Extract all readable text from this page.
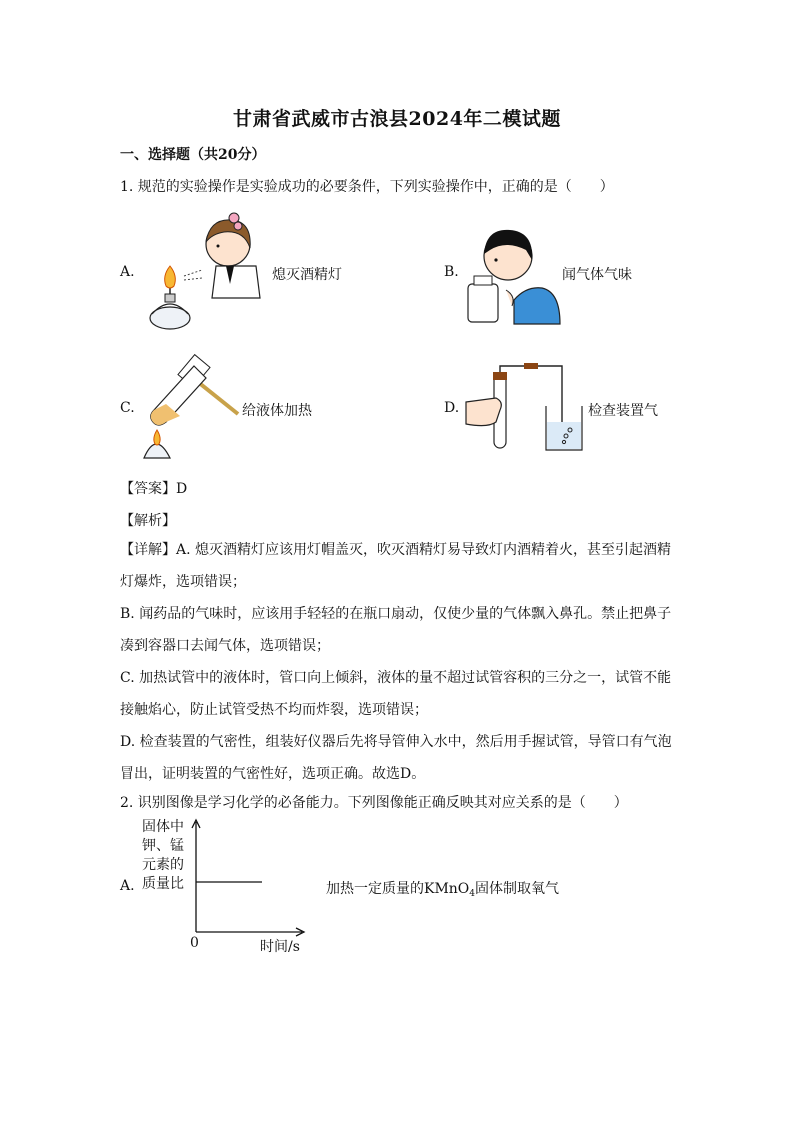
甘肃省武威市古浪县2024年二模试题
一、选择题（共20分）
1. 规范的实验操作是实验成功的必要条件，下列实验操作中，正确的是（　　）
A.	熄灭酒精灯	B.	闻气体气味
C.	给液体加热	D.	检查装置气
【答案】D
【解析】
【详解】A. 熄灭酒精灯应该用灯帽盖灭，吹灭酒精灯易导致灯内酒精着火，甚至引起酒精灯爆炸，选项错误；
B. 闻药品的气味时，应该用手轻轻的在瓶口扇动，仅使少量的气体飘入鼻孔。禁止把鼻子凑到容器口去闻气体，选项错误；
C. 加热试管中的液体时，管口向上倾斜，液体的量不超过试管容积的三分之一，试管不能接触焰心，防止试管受热不均而炸裂，选项错误；
D. 检查装置的气密性，组装好仪器后先将导管伸入水中，然后用手握试管，导管口有气泡冒出，证明装置的气密性好，选项正确。故选D。
2. 识别图像是学习化学的必备能力。下列图像能正确反映其对应关系的是（　　）
A.
固体中
钾、锰
元素的
质量比
0	时间/s
加热一定质量的KMnO$_4$固体制取氧气
